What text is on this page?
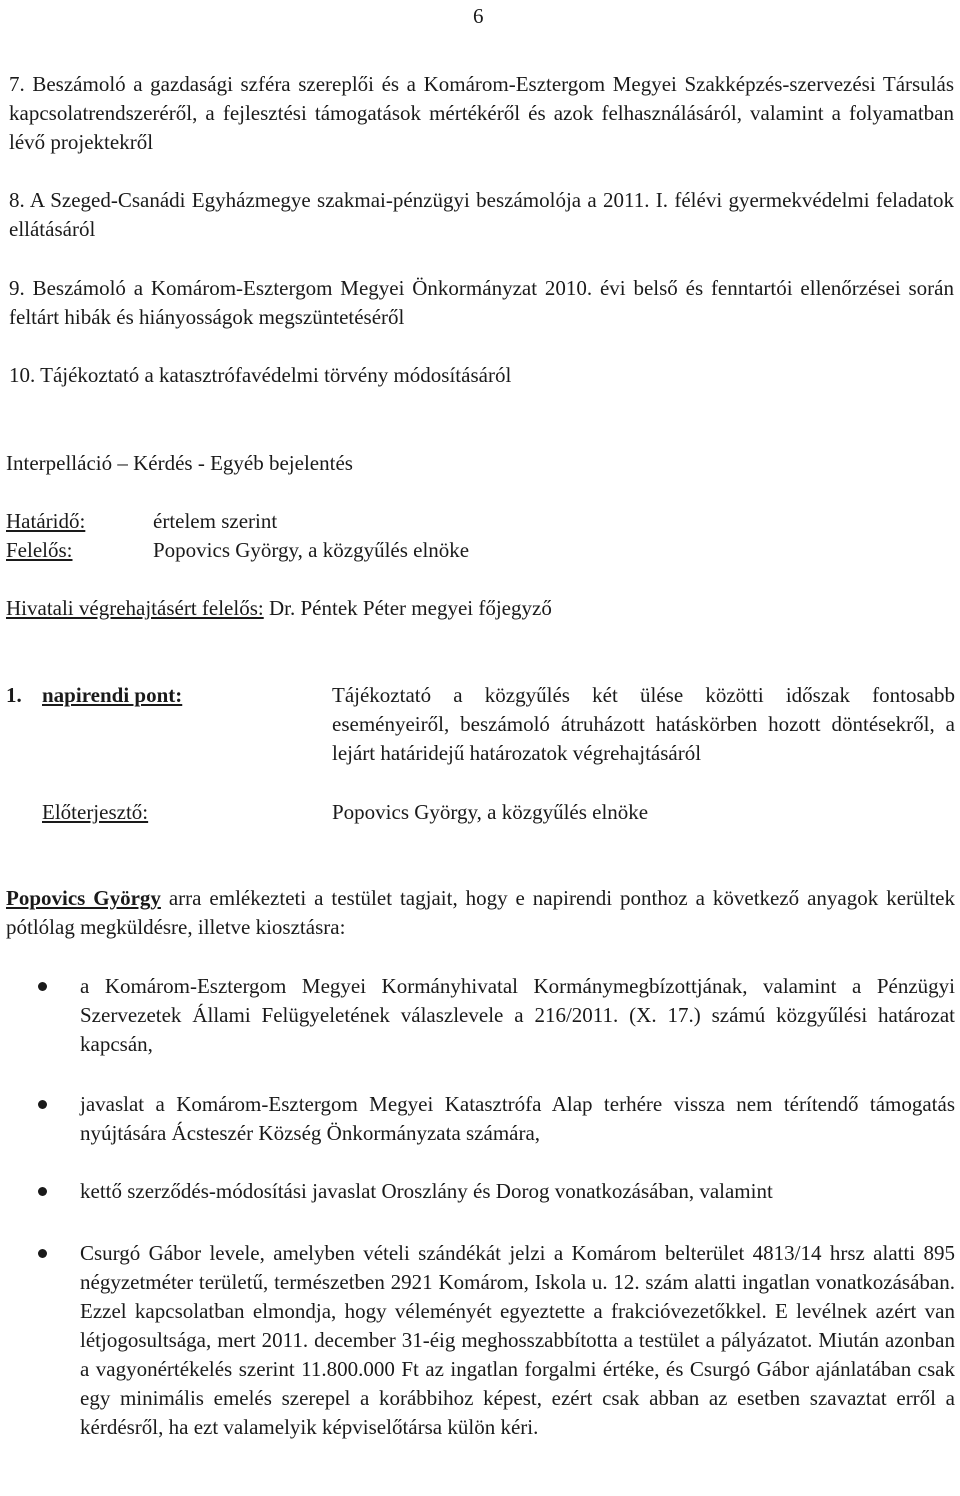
6
7. Beszámoló a gazdasági szféra szereplői és a Komárom-Esztergom Megyei Szakképzés-szervezési Társulás kapcsolatrendszeréről, a fejlesztési támogatások mértékéről és azok felhasználásáról, valamint a folyamatban lévő projektekről
8. A Szeged-Csanádi Egyházmegye szakmai-pénzügyi beszámolója a 2011. I. félévi gyermekvédelmi feladatok ellátásáról
9. Beszámoló a Komárom-Esztergom Megyei Önkormányzat 2010. évi belső és fenntartói ellenőrzései során feltárt hibák és hiányosságok megszüntetéséről
10. Tájékoztató a katasztrófavédelmi törvény módosításáról
Interpelláció – Kérdés - Egyéb bejelentés
Határidő:	értelem szerint
Felelős:	Popovics György, a közgyűlés elnöke
Hivatali végrehajtásért felelős: Dr. Péntek Péter megyei főjegyző
1. napirendi pont:	Tájékoztató a közgyűlés két ülése közötti időszak fontosabb eseményeiről, beszámoló átruházott hatáskörben hozott döntésekről, a lejárt határidejű határozatok végrehajtásáról
Előterjesztő:	Popovics György, a közgyűlés elnöke
Popovics György arra emlékezteti a testület tagjait, hogy e napirendi ponthoz a következő anyagok kerültek pótlólag megküldésre, illetve kiosztásra:
a Komárom-Esztergom Megyei Kormányhivatal Kormánymegbízottjának, valamint a Pénzügyi Szervezetek Állami Felügyeletének válaszlevele a 216/2011. (X. 17.) számú közgyűlési határozat kapcsán,
javaslat a Komárom-Esztergom Megyei Katasztrófa Alap terhére vissza nem térítendő támogatás nyújtására Ácsteszér Község Önkormányzata számára,
kettő szerződés-módosítási javaslat Oroszlány és Dorog vonatkozásában, valamint
Csurgó Gábor levele, amelyben vételi szándékát jelzi a Komárom belterület 4813/14 hrsz alatti 895 négyzetméter területű, természetben 2921 Komárom, Iskola u. 12. szám alatti ingatlan vonatkozásában. Ezzel kapcsolatban elmondja, hogy véleményét egyeztette a frakcióvezetőkkel. E levélnek azért van létjogosultsága, mert 2011. december 31-éig meghosszabbította a testület a pályázatot. Miután azonban a vagyonértékelés szerint 11.800.000 Ft az ingatlan forgalmi értéke, és Csurgó Gábor ajánlatában csak egy minimális emelés szerepel a korábbihoz képest, ezért csak abban az esetben szavaztat erről a kérdésről, ha ezt valamelyik képviselőtársa külön kéri.
